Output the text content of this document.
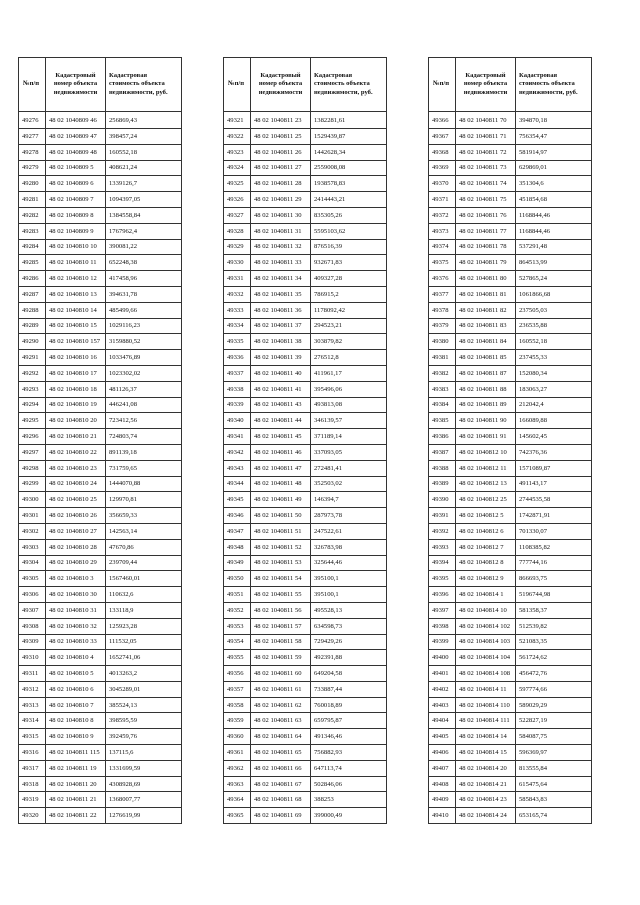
№п/п	Кадастровый номер объекта недвижимости	Кадастровая стоимость объекта недвижимости, руб.
49276	48 02 1040809 46	256869,43
49277	48 02 1040809 47	398457,24
49278	48 02 1040809 48	160552,18
49279	48 02 1040809 5	408621,24
49280	48 02 1040809 6	1339126,7
49281	48 02 1040809 7	1094397,05
49282	48 02 1040809 8	1384558,84
49283	48 02 1040809 9	1767962,4
49284	48 02 1040810 10	390081,22
49285	48 02 1040810 11	652248,38
49286	48 02 1040810 12	417458,96
49287	48 02 1040810 13	394631,78
49288	48 02 1040810 14	485499,66
49289	48 02 1040810 15	1029116,23
49290	48 02 1040810 157	3159880,52
49291	48 02 1040810 16	1033476,89
49292	48 02 1040810 17	1023302,02
49293	48 02 1040810 18	481126,37
49294	48 02 1040810 19	446241,08
49295	48 02 1040810 20	723412,56
49296	48 02 1040810 21	724803,74
49297	48 02 1040810 22	891139,18
49298	48 02 1040810 23	731759,65
49299	48 02 1040810 24	1444070,88
49300	48 02 1040810 25	129970,81
49301	48 02 1040810 26	356659,33
49302	48 02 1040810 27	142563,14
49303	48 02 1040810 28	47670,86
49304	48 02 1040810 29	239709,44
49305	48 02 1040810 3	1567460,01
49306	48 02 1040810 30	110632,6
49307	48 02 1040810 31	133118,9
49308	48 02 1040810 32	125923,28
49309	48 02 1040810 33	111532,05
49310	48 02 1040810 4	1652741,06
49311	48 02 1040810 5	4013263,2
49312	48 02 1040810 6	3045289,01
49313	48 02 1040810 7	385524,13
49314	48 02 1040810 8	398595,59
49315	48 02 1040810 9	392459,76
49316	48 02 1040811 115	137115,6
49317	48 02 1040811 19	1331699,59
49318	48 02 1040811 20	4308928,69
49319	48 02 1040811 21	1368007,77
49320	48 02 1040811 22	1276619,99
№п/п	Кадастровый номер объекта недвижимости	Кадастровая стоимость объекта недвижимости, руб.
49321	48 02 1040811 23	1382281,61
49322	48 02 1040811 25	1529439,87
49323	48 02 1040811 26	1442628,34
49324	48 02 1040811 27	2559008,08
49325	48 02 1040811 28	1938578,83
49326	48 02 1040811 29	2414443,21
49327	48 02 1040811 30	835305,26
49328	48 02 1040811 31	5595103,62
49329	48 02 1040811 32	876516,39
49330	48 02 1040811 33	932671,83
49331	48 02 1040811 34	409327,28
49332	48 02 1040811 35	786915,2
49333	48 02 1040811 36	1178092,42
49334	48 02 1040811 37	294523,21
49335	48 02 1040811 38	303879,82
49336	48 02 1040811 39	276512,8
49337	48 02 1040811 40	411961,17
49338	48 02 1040811 41	395496,06
49339	48 02 1040811 43	493813,08
49340	48 02 1040811 44	346139,57
49341	48 02 1040811 45	371189,14
49342	48 02 1040811 46	337093,05
49343	48 02 1040811 47	272481,41
49344	48 02 1040811 48	352503,02
49345	48 02 1040811 49	146394,7
49346	48 02 1040811 50	287973,78
49347	48 02 1040811 51	247522,61
49348	48 02 1040811 52	326783,98
49349	48 02 1040811 53	325644,46
49350	48 02 1040811 54	395100,1
49351	48 02 1040811 55	395100,1
49352	48 02 1040811 56	495528,13
49353	48 02 1040811 57	634598,73
49354	48 02 1040811 58	729429,26
49355	48 02 1040811 59	492391,88
49356	48 02 1040811 60	649204,58
49357	48 02 1040811 61	733887,44
49358	48 02 1040811 62	760018,89
49359	48 02 1040811 63	659795,87
49360	48 02 1040811 64	491346,46
49361	48 02 1040811 65	756882,93
49362	48 02 1040811 66	647113,74
49363	48 02 1040811 67	502846,06
49364	48 02 1040811 68	388253
49365	48 02 1040811 69	399000,49
№п/п	Кадастровый номер объекта недвижимости	Кадастровая стоимость объекта недвижимости, руб.
49366	48 02 1040811 70	394870,18
49367	48 02 1040811 71	756354,47
49368	48 02 1040811 72	581914,97
49369	48 02 1040811 73	629869,01
49370	48 02 1040811 74	351304,6
49371	48 02 1040811 75	451854,68
49372	48 02 1040811 76	1168844,46
49373	48 02 1040811 77	1168844,46
49374	48 02 1040811 78	537291,48
49375	48 02 1040811 79	864513,99
49376	48 02 1040811 80	527865,24
49377	48 02 1040811 81	1061866,68
49378	48 02 1040811 82	237505,03
49379	48 02 1040811 83	236535,88
49380	48 02 1040811 84	160552,18
49381	48 02 1040811 85	237455,33
49382	48 02 1040811 87	152080,34
49383	48 02 1040811 88	183063,27
49384	48 02 1040811 89	212042,4
49385	48 02 1040811 90	166089,88
49386	48 02 1040811 91	145602,45
49387	48 02 1040812 10	742376,36
49388	48 02 1040812 11	1571089,87
49389	48 02 1040812 13	491143,17
49390	48 02 1040812 25	2744535,58
49391	48 02 1040812 5	1742871,91
49392	48 02 1040812 6	701330,07
49393	48 02 1040812 7	1108385,82
49394	48 02 1040812 8	777744,16
49395	48 02 1040812 9	866693,75
49396	48 02 1040814 1	5196744,98
49397	48 02 1040814 10	581358,37
49398	48 02 1040814 102	512539,82
49399	48 02 1040814 103	521083,35
49400	48 02 1040814 104	561724,62
49401	48 02 1040814 108	456472,76
49402	48 02 1040814 11	597774,66
49403	48 02 1040814 110	589029,29
49404	48 02 1040814 111	522827,19
49405	48 02 1040814 14	584087,75
49406	48 02 1040814 15	596369,97
49407	48 02 1040814 20	813555,84
49408	48 02 1040814 21	615475,64
49409	48 02 1040814 23	585843,83
49410	48 02 1040814 24	653165,74
